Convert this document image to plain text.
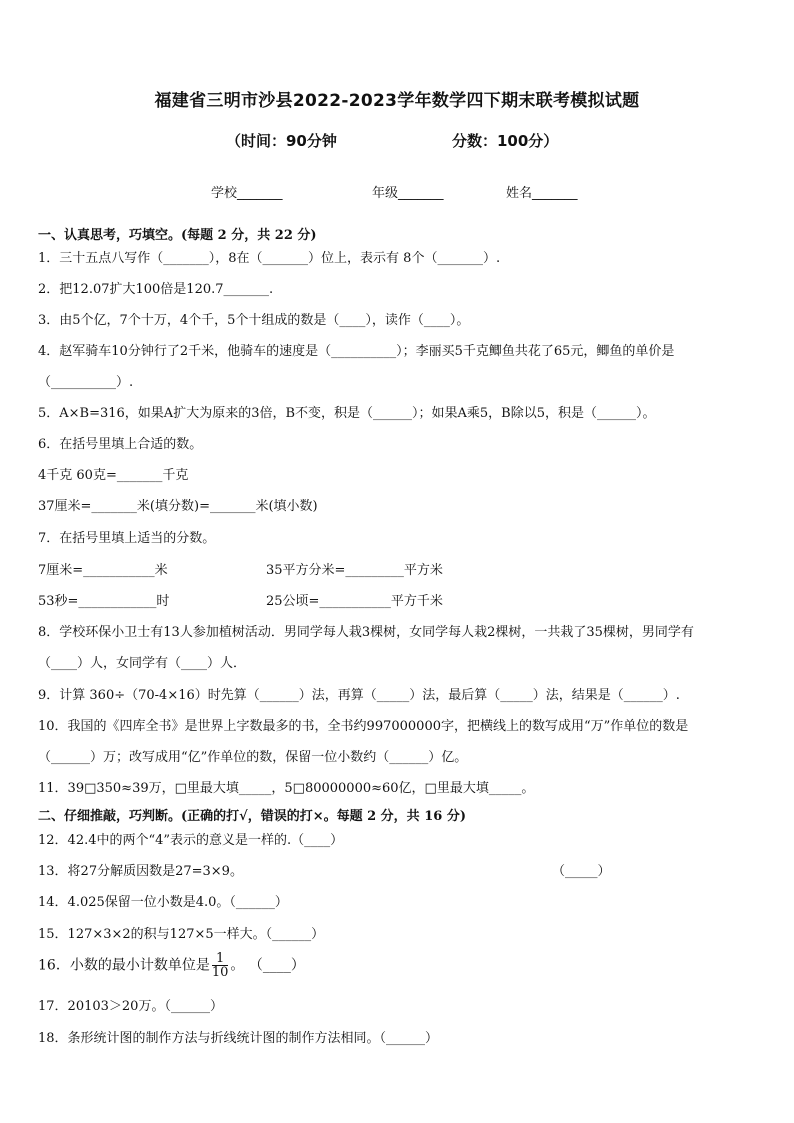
福建省三明市沙县2022-2023学年数学四下期末联考模拟试题
（时间：90分钟	分数：100分）
学校_______	年级_______	姓名_______
一、认真思考，巧填空。(每题 2 分，共 22 分)
1．三十五点八写作（_______），8在（_______）位上，表示有 8个（_______）.
2．把12.07扩大100倍是120.7_______.
3．由5个亿，7个十万，4个千，5个十组成的数是（____），读作（____）。
4．赵军骑车10分钟行了2千米，他骑车的速度是（__________）；李丽买5千克鲫鱼共花了65元，鲫鱼的单价是
（__________）.
5．A×B=316，如果A扩大为原来的3倍，B不变，积是（______）；如果A乘5，B除以5，积是（______）。
6．在括号里填上合适的数。
4千克 60克=_______千克
37厘米=_______米(填分数)=_______米(填小数)
7．在括号里填上适当的分数。
7厘米=___________米	35平方分米=_________平方米
53秒=____________时	25公顷=___________平方千米
8．学校环保小卫士有13人参加植树活动．男同学每人栽3棵树，女同学每人栽2棵树，一共栽了35棵树，男同学有
（____）人，女同学有（____）人．
9．计算 360÷（70-4×16）时先算（______）法，再算（_____）法，最后算（_____）法，结果是（______）.
10．我国的《四库全书》是世界上字数最多的书，全书约997000000字，把横线上的数写成用“万”作单位的数是
（______）万；改写成用“亿”作单位的数，保留一位小数约（______）亿。
11．39□350≈39万，□里最大填_____，5□80000000≈60亿，□里最大填_____。
二、仔细推敲，巧判断。(正确的打√，错误的打×。每题 2 分，共 16 分)
12．42.4中的两个“4”表示的意义是一样的.（____）
13．将27分解质因数是27=3×9。	（_____）
14．4.025保留一位小数是4.0。（______）
15．127×3×2的积与127×5一样大。（______）
16．小数的最小计数单位是 $\frac{1}{10}$ 。 （____）
17．20103＞20万。（______）
18．条形统计图的制作方法与折线统计图的制作方法相同。（______）
